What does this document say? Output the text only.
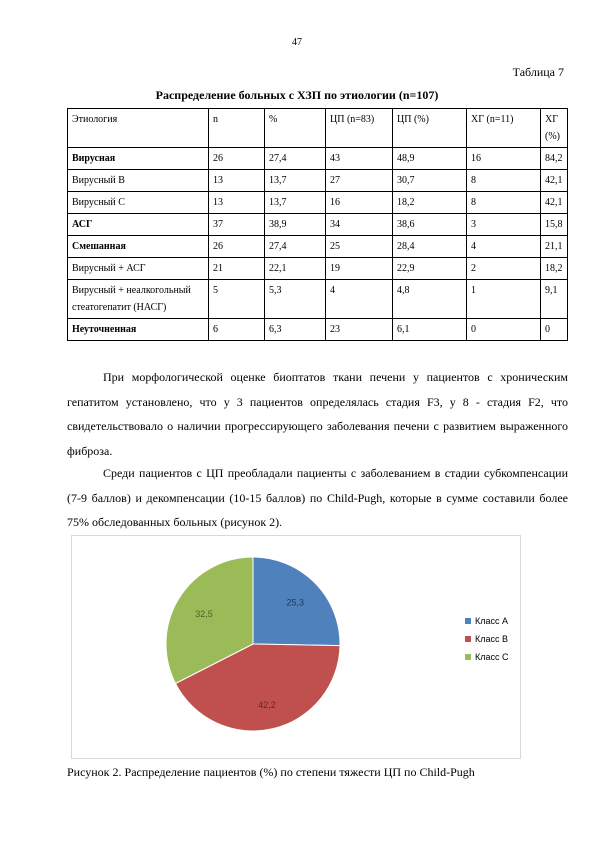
47
Таблица 7
Распределение больных с ХЗП по этиологии (n=107)
Этиология	n	%	ЦП (n=83)	ЦП (%)	ХГ (n=11)	ХГ (%)
Вирусная	26	27,4	43	48,9	16	84,2
Вирусный В	13	13,7	27	30,7	8	42,1
Вирусный С	13	13,7	16	18,2	8	42,1
АСГ	37	38,9	34	38,6	3	15,8
Смешанная	26	27,4	25	28,4	4	21,1
Вирусный + АСГ	21	22,1	19	22,9	2	18,2
Вирусный + неалкогольный стеатогепатит (НАСГ)	5	5,3	4	4,8	1	9,1
Неуточненная	6	6,3	23	6,1	0	0
При морфологической оценке биоптатов ткани печени у пациентов с хроническим гепатитом установлено, что у 3 пациентов определялась стадия F3, у 8 - стадия F2, что свидетельствовало о наличии прогрессирующего заболевания печени с развитием выраженного фиброза.
Среди пациентов с ЦП преобладали пациенты с заболеванием в стадии субкомпенсации (7-9 баллов) и декомпенсации (10-15 баллов) по Child-Pugh, которые в сумме составили более 75% обследованных больных (рисунок 2).
25,3
42,2
32,5
Класс А
Класс В
Класс С
Рисунок 2. Распределение пациентов (%) по степени тяжести ЦП по Child-Pugh
